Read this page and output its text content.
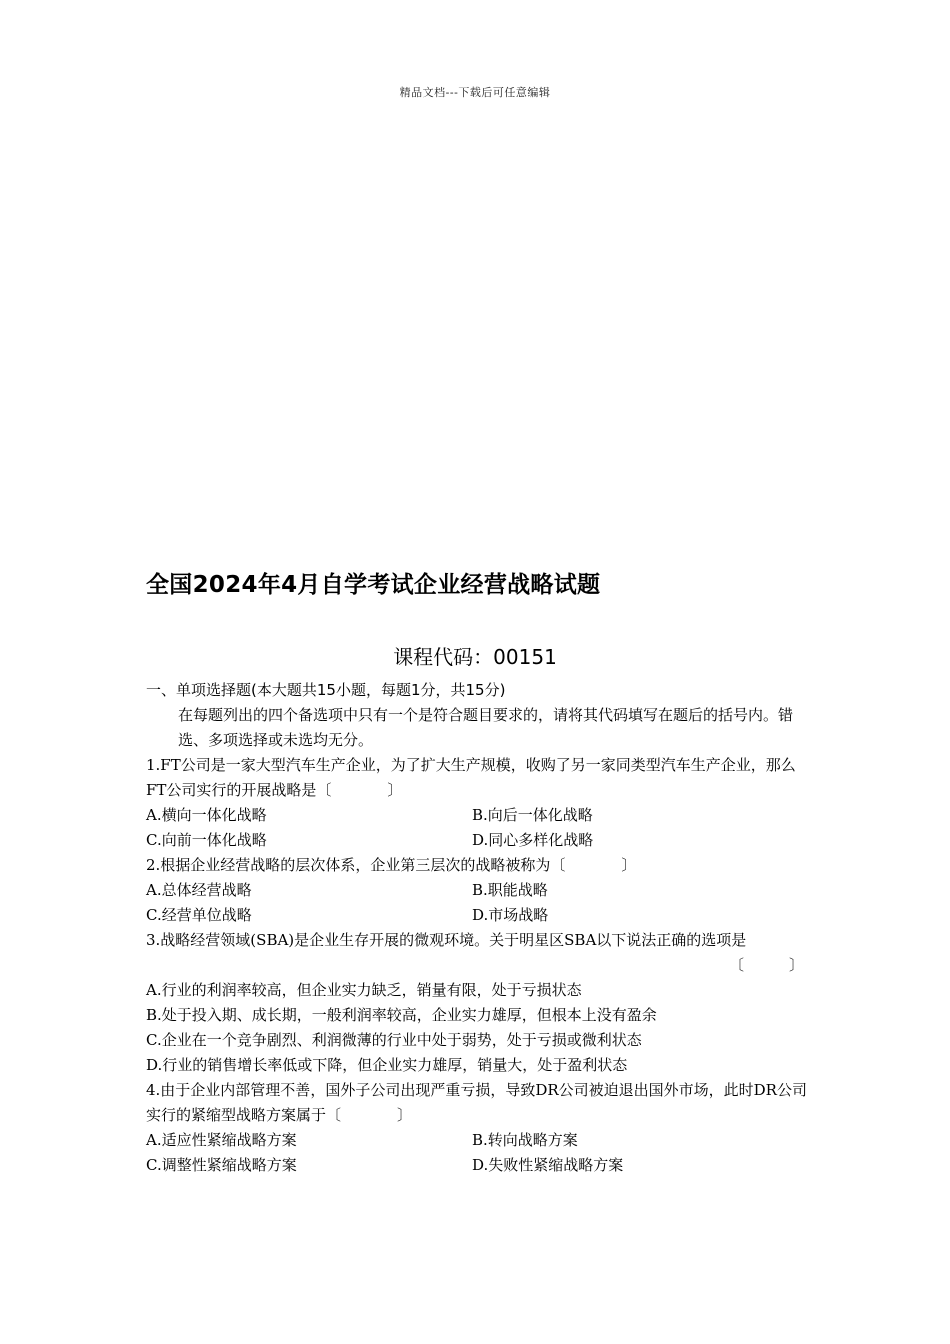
精品文档---下载后可任意编辑
全国2024年4月自学考试企业经营战略试题
课程代码：00151
一、单项选择题(本大题共15小题，每题1分，共15分)
在每题列出的四个备选项中只有一个是符合题目要求的，请将其代码填写在题后的括号内。错选、多项选择或未选均无分。
1.FT公司是一家大型汽车生产企业，为了扩大生产规模，收购了另一家同类型汽车生产企业，那么FT公司实行的开展战略是〔	〕
A.横向一体化战略	B.向后一体化战略
C.向前一体化战略	D.同心多样化战略
2.根据企业经营战略的层次体系，企业第三层次的战略被称为〔	〕
A.总体经营战略	B.职能战略
C.经营单位战略	D.市场战略
3.战略经营领域(SBA)是企业生存开展的微观环境。关于明星区SBA以下说法正确的选项是
〔　　　〕
A.行业的利润率较高，但企业实力缺乏，销量有限，处于亏损状态
B.处于投入期、成长期，一般利润率较高，企业实力雄厚，但根本上没有盈余
C.企业在一个竞争剧烈、利润微薄的行业中处于弱势，处于亏损或微利状态
D.行业的销售增长率低或下降，但企业实力雄厚，销量大，处于盈利状态
4.由于企业内部管理不善，国外子公司出现严重亏损，导致DR公司被迫退出国外市场，此时DR公司实行的紧缩型战略方案属于〔	〕
A.适应性紧缩战略方案	B.转向战略方案
C.调整性紧缩战略方案	D.失败性紧缩战略方案
